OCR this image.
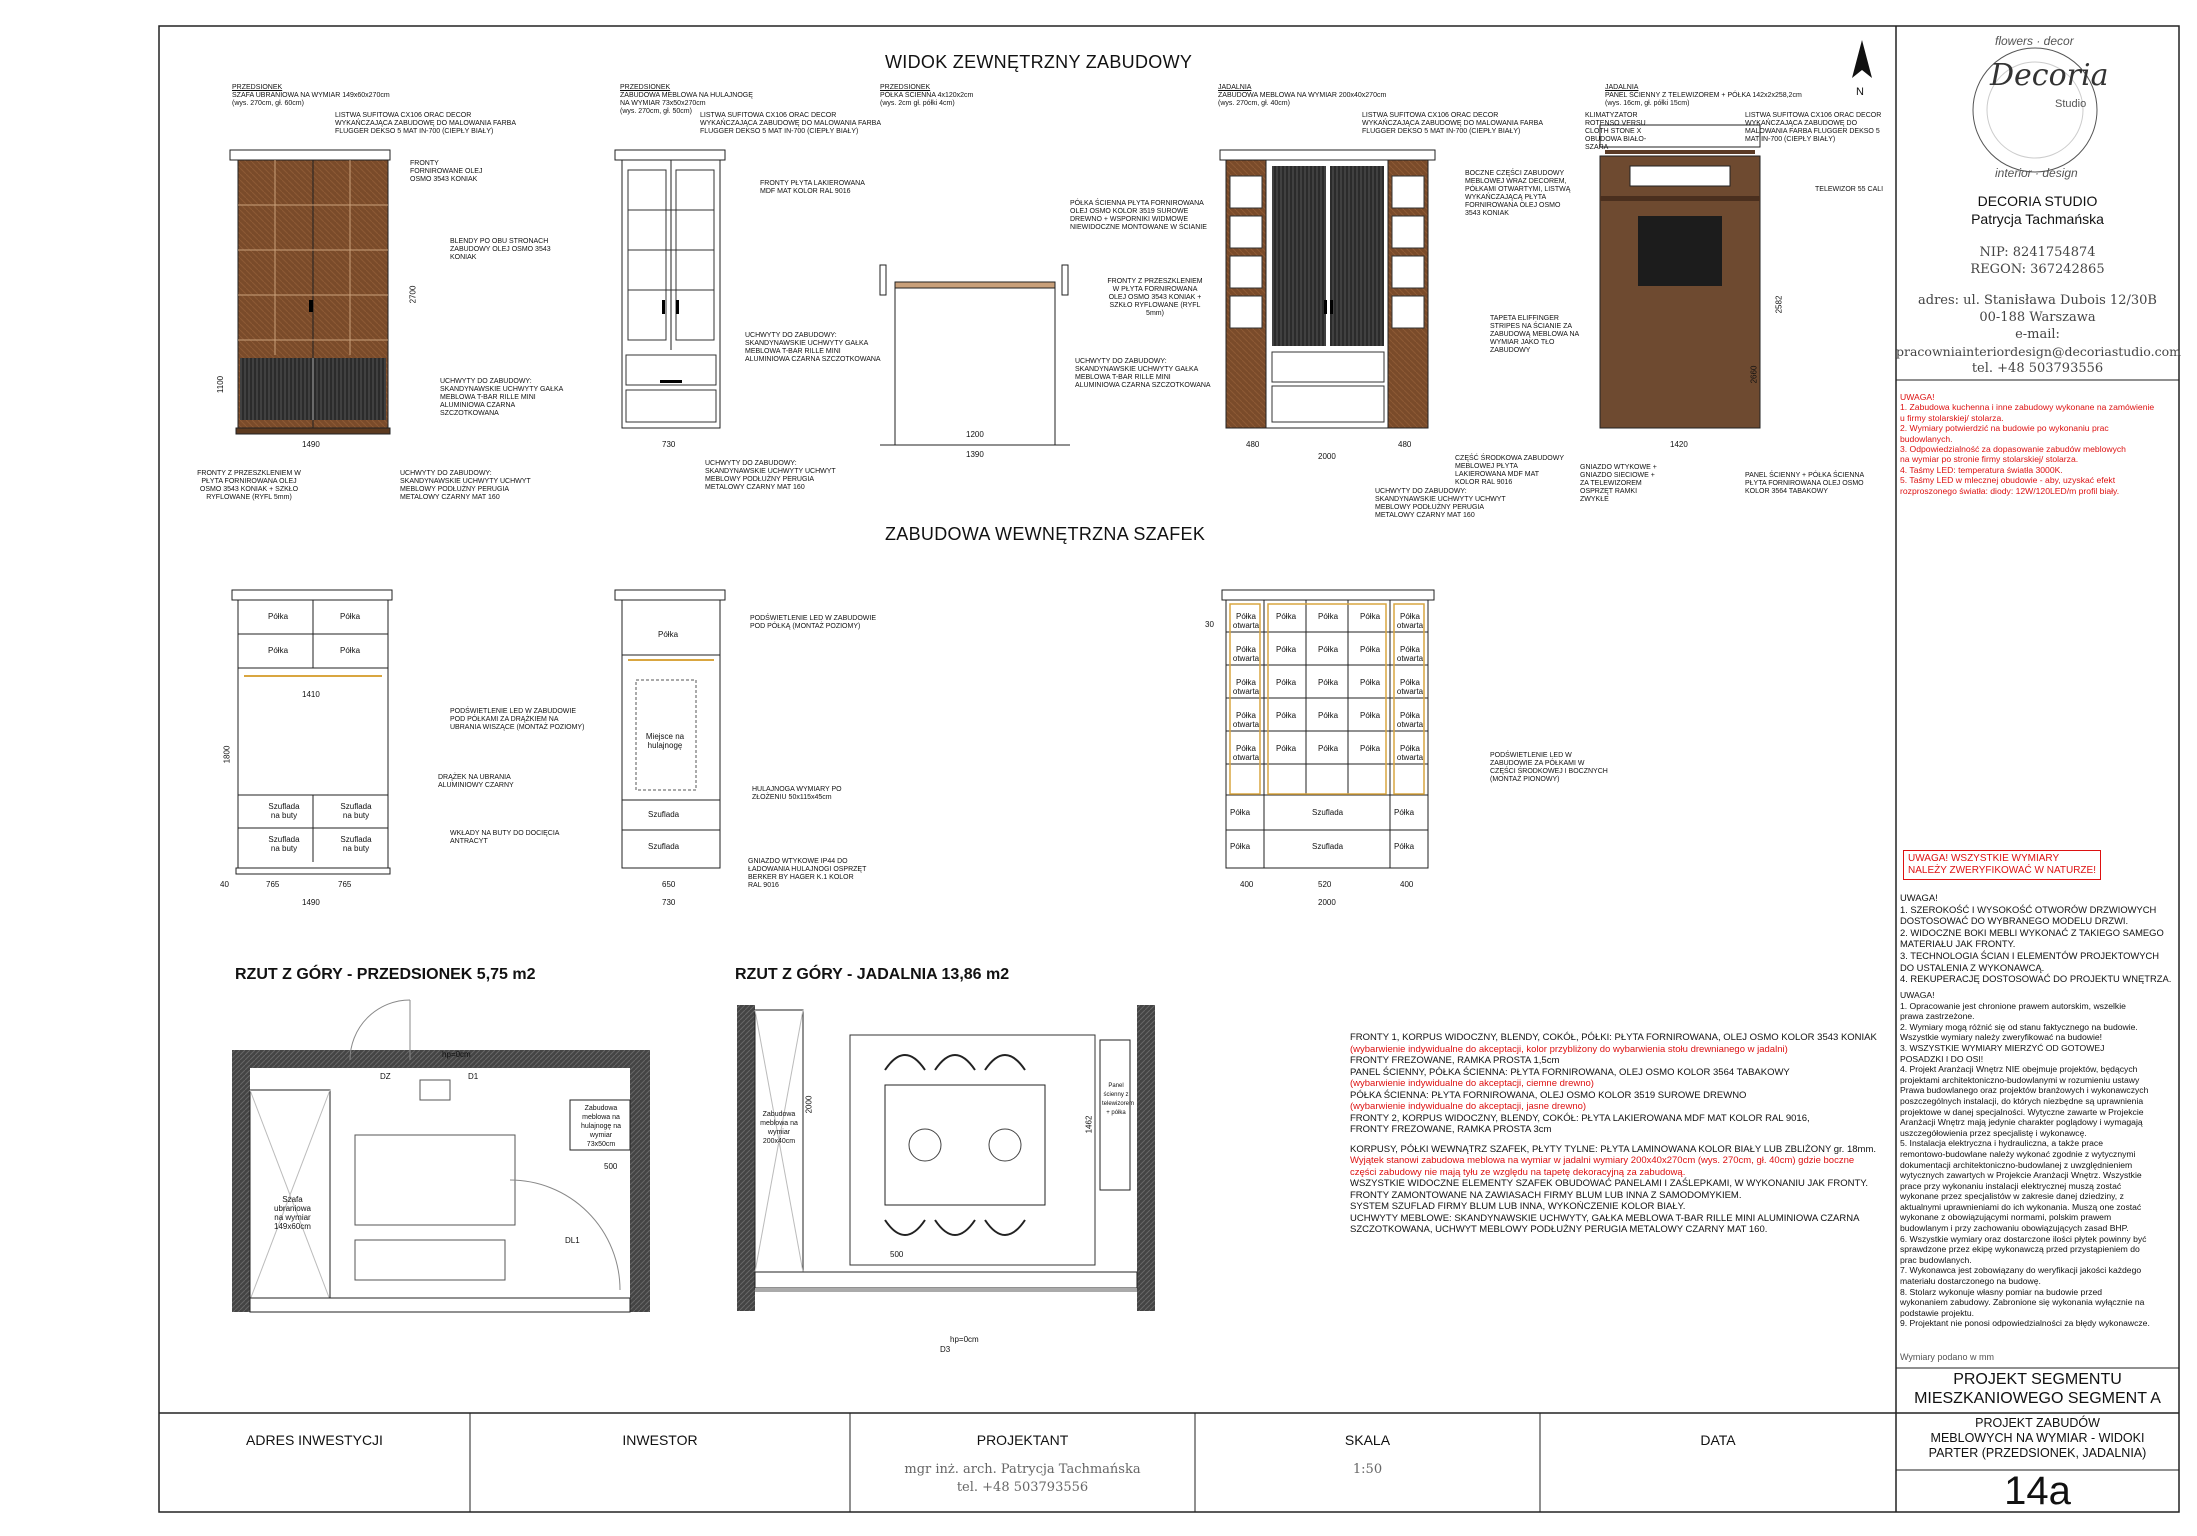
WIDOK ZEWNĘTRZNY ZABUDOWY
ZABUDOWA WEWNĘTRZNA SZAFEK
RZUT Z GÓRY - PRZEDSIONEK 5,75 m2	RZUT Z GÓRY - JADALNIA 13,86 m2
N
PRZEDSIONEK
SZAFA UBRANIOWA NA WYMIAR 149x60x270cm
(wys. 270cm, gł. 60cm)
PRZEDSIONEK
ZABUDOWA MEBLOWA NA HULAJNOGĘ
NA WYMIAR 73x50x270cm
(wys. 270cm, gł. 50cm)
PRZEDSIONEK
PÓŁKA ŚCIENNA 4x120x2cm
(wys. 2cm gł. półki 4cm)
JADALNIA
ZABUDOWA MEBLOWA NA WYMIAR 200x40x270cm
(wys. 270cm, gł. 40cm)
JADALNIA
PANEL ŚCIENNY Z TELEWIZOREM + PÓŁKA 142x2x258,2cm
(wys. 16cm, gł. półki 15cm)
LISTWA SUFITOWA CX106 ORAC DECOR WYKAŃCZAJĄCA ZABUDOWĘ DO MALOWANIA FARBA FLUGGER DEKSO 5 MAT IN-700 (CIEPŁY BIAŁY)
FRONTY FORNIROWANE OLEJ OSMO 3543 KONIAK
BLENDY PO OBU STRONACH ZABUDOWY OLEJ OSMO 3543 KONIAK
UCHWYTY DO ZABUDOWY: SKANDYNAWSKIE UCHWYTY GAŁKA MEBLOWA T-BAR RILLE MINI ALUMINIOWA CZARNA SZCZOTKOWANA
FRONTY Z PRZESZKLENIEM W PŁYTA FORNIROWANA OLEJ OSMO 3543 KONIAK + SZKŁO RYFLOWANE (RYFL 5mm)
UCHWYTY DO ZABUDOWY: SKANDYNAWSKIE UCHWYTY UCHWYT MEBLOWY PODŁUŻNY PERUGIA METALOWY CZARNY MAT 160
LISTWA SUFITOWA CX106 ORAC DECOR WYKAŃCZAJĄCA ZABUDOWĘ DO MALOWANIA FARBA FLUGGER DEKSO 5 MAT IN-700 (CIEPŁY BIAŁY)
FRONTY PŁYTA LAKIEROWANA MDF MAT KOLOR RAL 9016
UCHWYTY DO ZABUDOWY: SKANDYNAWSKIE UCHWYTY GAŁKA MEBLOWA T-BAR RILLE MINI ALUMINIOWA CZARNA SZCZOTKOWANA
UCHWYTY DO ZABUDOWY: SKANDYNAWSKIE UCHWYTY UCHWYT MEBLOWY PODŁUŻNY PERUGIA METALOWY CZARNY MAT 160
PÓŁKA ŚCIENNA PŁYTA FORNIROWANA OLEJ OSMO KOLOR 3519 SUROWE DREWNO + WSPORNIKI WIDMOWE NIEWIDOCZNE MONTOWANE W ŚCIANIE
FRONTY Z PRZESZKLENIEM W PŁYTA FORNIROWANA OLEJ OSMO 3543 KONIAK + SZKŁO RYFLOWANE (RYFL 5mm)
UCHWYTY DO ZABUDOWY: SKANDYNAWSKIE UCHWYTY GAŁKA MEBLOWA T-BAR RILLE MINI ALUMINIOWA CZARNA SZCZOTKOWANA
LISTWA SUFITOWA CX106 ORAC DECOR WYKAŃCZAJĄCA ZABUDOWĘ DO MALOWANIA FARBA FLUGGER DEKSO 5 MAT IN-700 (CIEPŁY BIAŁY)
BOCZNE CZĘŚCI ZABUDOWY MEBLOWEJ WRAZ DECOREM, PÓŁKAMI OTWARTYMI, LISTWĄ WYKAŃCZAJĄCĄ PŁYTA FORNIROWANA OLEJ OSMO 3543 KONIAK
TAPETA ELIFFINGER STRIPES NA ŚCIANIE ZA ZABUDOWĄ MEBLOWA NA WYMIAR JAKO TŁO ZABUDOWY
CZĘŚĆ ŚRODKOWA ZABUDOWY MEBLOWEJ PŁYTA LAKIEROWANA MDF MAT KOLOR RAL 9016
UCHWYTY DO ZABUDOWY: SKANDYNAWSKIE UCHWYTY UCHWYT MEBLOWY PODŁUŻNY PERUGIA METALOWY CZARNY MAT 160
KLIMATYZATOR ROTENSO VERSU CLOTH STONE X OBUDOWA BIAŁO-SZARA
LISTWA SUFITOWA CX106 ORAC DECOR WYKAŃCZAJĄCA ZABUDOWĘ DO MALOWANIA FARBA FLUGGER DEKSO 5 MAT IN-700 (CIEPŁY BIAŁY)
TELEWIZOR 55 CALI
GNIAZDO WTYKOWE + GNIAZDO SIECIOWE + ZA TELEWIZOREM OSPRZĘT RAMKI ZWYKŁE
PANEL ŚCIENNY + PÓŁKA ŚCIENNA PŁYTA FORNIROWANA OLEJ OSMO KOLOR 3564 TABAKOWY
PODŚWIETLENIE LED W ZABUDOWIE POD PÓŁKAMI ZA DRĄŻKIEM NA UBRANIA WISZĄCE (MONTAŻ POZIOMY)
DRĄŻEK NA UBRANIA ALUMINIOWY CZARNY
WKŁADY NA BUTY DO DOCIĘCIA ANTRACYT
PODŚWIETLENIE LED W ZABUDOWIE POD PÓŁKĄ (MONTAŻ POZIOMY)
HULAJNOGA WYMIARY PO ZŁOŻENIU 50x115x45cm
GNIAZDO WTYKOWE IP44 DO ŁADOWANIA HULAJNOGI OSPRZĘT BERKER BY HAGER K.1 KOLOR RAL 9016
PODŚWIETLENIE LED W ZABUDOWIE ZA PÓŁKAMI W CZĘŚCI ŚRODKOWEJ I BOCZNYCH (MONTAŻ PIONOWY)
Półka	Półka
Półka	Półka
Szuflada na buty
Szuflada na buty
Szuflada na buty
Szuflada na buty
Półka
Miejsce na hulajnogę
Szuflada
Szuflada
Półka otwarta
Półka otwarta
Półka otwarta
Półka otwarta
Półka otwarta
Półka otwarta
Półka otwarta
Półka otwarta
Półka otwarta
Półka otwarta
Półka	Półka	Półka
Półka	Półka	Półka
Półka	Półka	Półka
Półka	Półka	Półka
Półka	Półka	Półka
Półka	Półka
Szuflada
Półka	Półka
Szuflada
1490	730
1200
1390	2000
1420
480	480
2700
1490
1410
765	765
730
650
2000
520
400	400
30
1800
1100
2582
40
2000
1462
500
500
2660
Szafa ubraniowa na wymiar 149x60cm
Zabudowa meblowa na hulajnogę na wymiar 73x50cm
Zabudowa meblowa na wymiar 200x40cm
Panel ścienny z telewizorem + półka
DZ	D1
DL1
D3
hp=0cm
hp=0cm
FRONTY 1, KORPUS WIDOCZNY, BLENDY, COKÓŁ, PÓŁKI: PŁYTA FORNIROWANA, OLEJ OSMO KOLOR 3543 KONIAK
(wybarwienie indywidualne do akceptacji, kolor przybliżony do wybarwienia stołu drewnianego w jadalni)
FRONTY FREZOWANE, RAMKA PROSTA 1,5cm
PANEL ŚCIENNY, PÓŁKA ŚCIENNA: PŁYTA FORNIROWANA, OLEJ OSMO KOLOR 3564 TABAKOWY
(wybarwienie indywidualne do akceptacji, ciemne drewno)
PÓŁKA ŚCIENNA: PŁYTA FORNIROWANA, OLEJ OSMO KOLOR 3519 SUROWE DREWNO
(wybarwienie indywidualne do akceptacji, jasne drewno)
FRONTY 2, KORPUS WIDOCZNY, BLENDY, COKÓŁ: PŁYTA LAKIEROWANA MDF MAT KOLOR RAL 9016,
FRONTY FREZOWANE, RAMKA PROSTA 3cm
KORPUSY, PÓŁKI WEWNĄTRZ SZAFEK, PŁYTY TYLNE: PŁYTA LAMINOWANA KOLOR BIAŁY LUB ZBLIŻONY gr. 18mm.
Wyjątek stanowi zabudowa meblowa na wymiar w jadalni wymiary 200x40x270cm (wys. 270cm, gł. 40cm) gdzie boczne
części zabudowy nie mają tyłu ze względu na tapetę dekoracyjną za zabudową.
WSZYSTKIE WIDOCZNE ELEMENTY SZAFEK OBUDOWAĆ PANELAMI I ZAŚLEPKAMI, W WYKONANIU JAK FRONTY.
FRONTY ZAMONTOWANE NA ZAWIASACH FIRMY BLUM LUB INNA Z SAMODOMYKIEM.
SYSTEM SZUFLAD FIRMY BLUM LUB INNA, WYKOŃCZENIE KOLOR BIAŁY.
UCHWYTY MEBLOWE: SKANDYNAWSKIE UCHWYTY, GAŁKA MEBLOWA T-BAR RILLE MINI ALUMINIOWA CZARNA
SZCZOTKOWANA, UCHWYT MEBLOWY PODŁUŻNY PERUGIA METALOWY CZARNY MAT 160.
Decoria
Studio
flowers · decor
interior · design
DECORIA STUDIO
Patrycja Tachmańska
NIP: 8241754874
REGON: 367242865
adres: ul. Stanisława Dubois 12/30B
00-188 Warszawa
e-mail:
pracowniainteriordesign@decoriastudio.com
tel. +48 503793556
UWAGA!
1. Zabudowa kuchenna i inne zabudowy wykonane na zamówienie
u firmy stolarskiej/ stolarza.
2. Wymiary potwierdzić na budowie po wykonaniu prac
budowlanych.
3. Odpowiedzialność za dopasowanie zabudów meblowych
na wymiar po stronie firmy stolarskiej/ stolarza.
4. Taśmy LED: temperatura światła 3000K.
5. Taśmy LED w mlecznej obudowie - aby, uzyskać efekt
rozproszonego światła: diody: 12W/120LED/m profil biały.
UWAGA! WSZYSTKIE WYMIARY
NALEŻY ZWERYFIKOWAĆ W NATURZE!
UWAGA!
1. SZEROKOŚĆ I WYSOKOŚĆ OTWORÓW DRZWIOWYCH
DOSTOSOWAĆ DO WYBRANEGO MODELU DRZWI.
2. WIDOCZNE BOKI MEBLI WYKONAĆ Z TAKIEGO SAMEGO
MATERIAŁU JAK FRONTY.
3. TECHNOLOGIA ŚCIAN I ELEMENTÓW PROJEKTOWYCH
DO USTALENIA Z WYKONAWCĄ.
4. REKUPERACJĘ DOSTOSOWAĆ DO PROJEKTU WNĘTRZA.
UWAGA!
1. Opracowanie jest chronione prawem autorskim, wszelkie
prawa zastrzeżone.
2. Wymiary mogą różnić się od stanu faktycznego na budowie.
Wszystkie wymiary należy zweryfikować na budowie!
3. WSZYSTKIE WYMIARY MIERZYĆ OD GOTOWEJ
POSADZKI I DO OSI!
4. Projekt Aranżacji Wnętrz NIE obejmuje projektów, będących
projektami architektoniczno-budowlanymi w rozumieniu ustawy
Prawa budowlanego oraz projektów branżowych i wykonawczych
poszczególnych instalacji, do których niezbędne są uprawnienia
projektowe w danej specjalności. Wytyczne zawarte w Projekcie
Aranżacji Wnętrz mają jedynie charakter poglądowy i wymagają
uszczegółowienia przez specjalistę i wykonawcę.
5. Instalacja elektryczna i hydrauliczna, a także prace
remontowo-budowlane należy wykonać zgodnie z wytycznymi
dokumentacji architektoniczno-budowlanej z uwzględnieniem
wytycznych zawartych w Projekcie Aranżacji Wnętrz. Wszystkie
prace przy wykonaniu instalacji elektrycznej muszą zostać
wykonane przez specjalistów w zakresie danej dziedziny, z
aktualnymi uprawnieniami do ich wykonania. Muszą one zostać
wykonane z obowiązującymi normami, polskim prawem
budowlanym i przy zachowaniu obowiązujących zasad BHP.
6. Wszystkie wymiary oraz dostarczone ilości płytek powinny być
sprawdzone przez ekipę wykonawczą przed przystąpieniem do
prac budowlanych.
7. Wykonawca jest zobowiązany do weryfikacji jakości każdego
materiału dostarczonego na budowę.
8. Stolarz wykonuje własny pomiar na budowie przed
wykonaniem zabudowy. Zabronione się wykonania wyłącznie na
podstawie projektu.
9. Projektant nie ponosi odpowiedzialności za błędy wykonawcze.
Wymiary podano w mm
PROJEKT SEGMENTU
MIESZKANIOWEGO SEGMENT A
PROJEKT ZABUDÓW
MEBLOWYCH NA WYMIAR - WIDOKI
PARTER (PRZEDSIONEK, JADALNIA)
14a
ADRES INWESTYCJI	INWESTOR	PROJEKTANT	SKALA	DATA
mgr inż. arch. Patrycja Tachmańska
tel. +48 503793556
1:50
